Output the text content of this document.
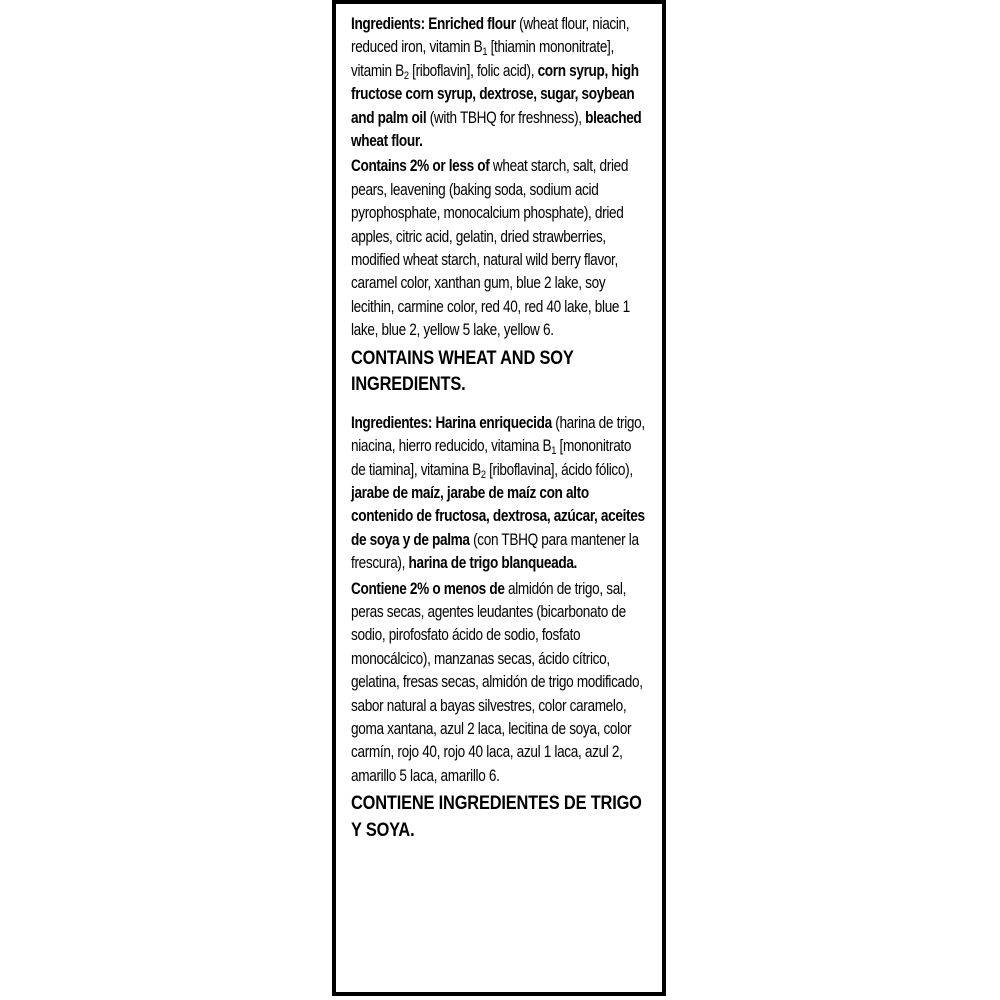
Ingredients: Enriched flour (wheat flour, niacin, reduced iron, vitamin $B_1$ [thiamin mononitrate], vitamin $B_2$ [riboflavin], folic acid), corn syrup, high fructose corn syrup, dextrose, sugar, soybean and palm oil (with TBHQ for freshness), bleached wheat flour.

Contains 2% or less of wheat starch, salt, dried pears, leavening (baking soda, sodium acid pyrophosphate, monocalcium phosphate), dried apples, citric acid, gelatin, dried strawberries, modified wheat starch, natural wild berry flavor, caramel color, xanthan gum, blue 2 lake, soy lecithin, carmine color, red 40, red 40 lake, blue 1 lake, blue 2, yellow 5 lake, yellow 6.

CONTAINS WHEAT AND SOY INGREDIENTS.

Ingredientes: Harina enriquecida (harina de trigo, niacina, hierro reducido, vitamina $B_1$ [mononitrato de tiamina], vitamina $B_2$ [riboflavina], ácido fólico), jarabe de maíz, jarabe de maíz con alto contenido de fructosa, dextrosa, azúcar, aceites de soya y de palma (con TBHQ para mantener la frescura), harina de trigo blanqueada.

Contiene 2% o menos de almidón de trigo, sal, peras secas, agentes leudantes (bicarbonato de sodio, pirofosfato ácido de sodio, fosfato monocálcico), manzanas secas, ácido cítrico, gelatina, fresas secas, almidón de trigo modificado, sabor natural a bayas silvestres, color caramelo, goma xantana, azul 2 laca, lecitina de soya, color carmín, rojo 40, rojo 40 laca, azul 1 laca, azul 2, amarillo 5 laca, amarillo 6.

CONTIENE INGREDIENTES DE TRIGO Y SOYA.
